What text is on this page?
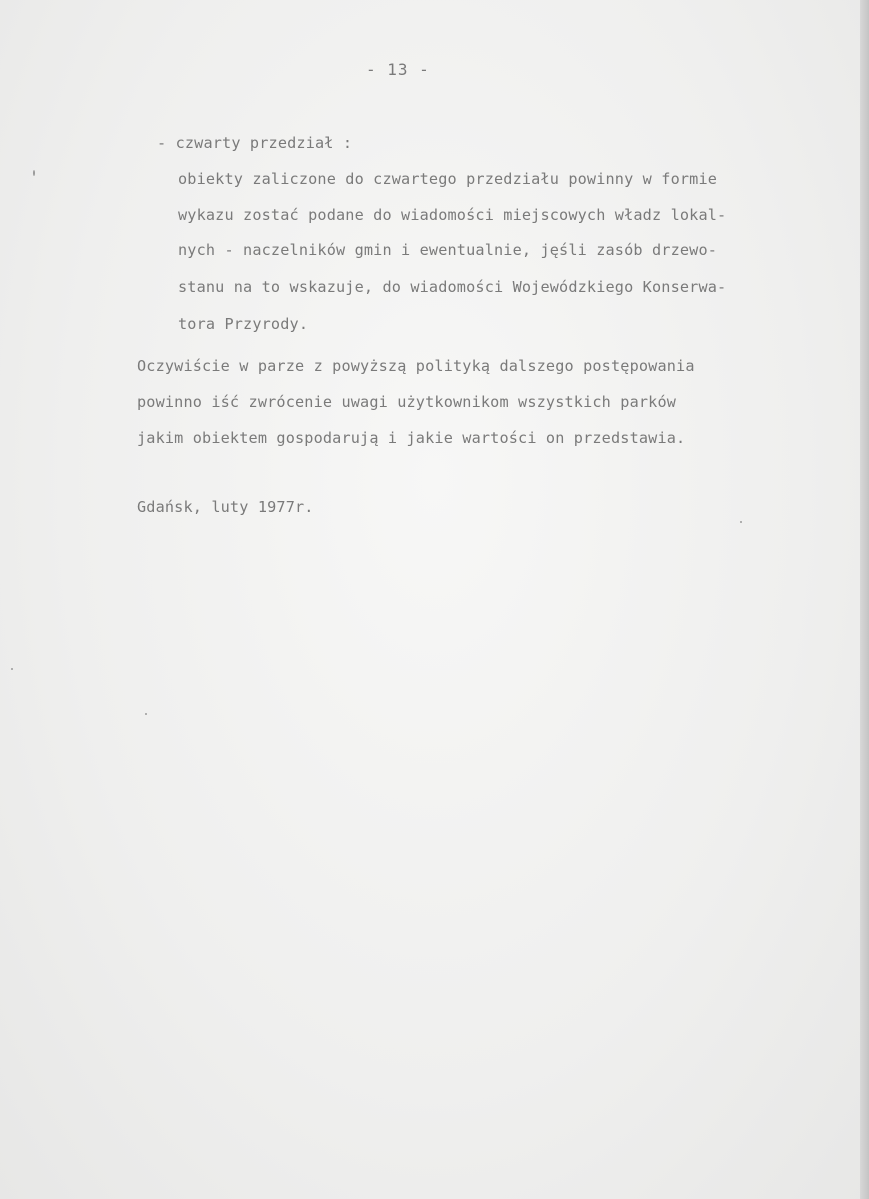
- 13 -
- czwarty przedział :
obiekty zaliczone do czwartego przedziału powinny w formie
wykazu zostać podane do wiadomości miejscowych władz lokal-
nych - naczelników gmin i ewentualnie, jęśli zasób drzewo-
stanu na to wskazuje, do wiadomości Wojewódzkiego Konserwa-
tora Przyrody.
Oczywiście w parze z powyższą polityką dalszego postępowania
powinno iść zwrócenie uwagi użytkownikom wszystkich parków
jakim obiektem gospodarują i jakie wartości on przedstawia.
Gdańsk, luty 1977r.
